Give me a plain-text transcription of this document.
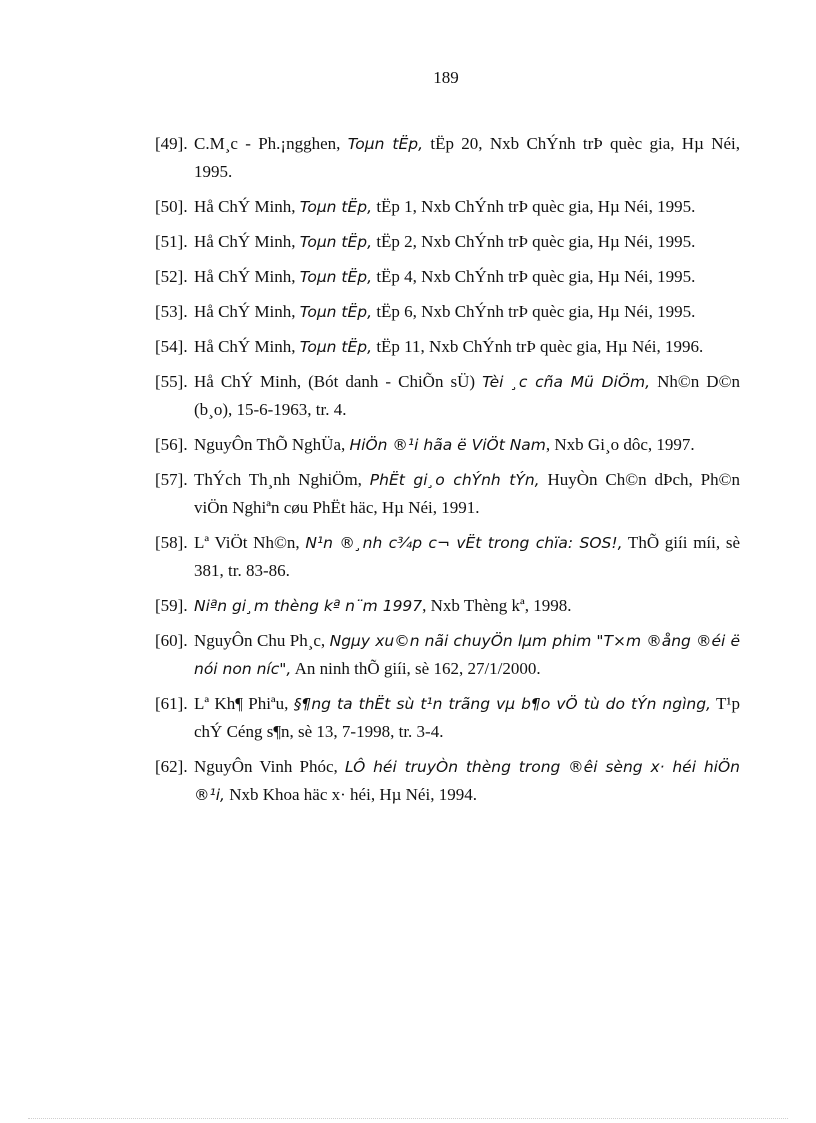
189
[49]. C.M¸c - Ph.¡ngghen, Toµn tËp, tËp 20, Nxb ChÝnh trÞ quèc gia, Hµ Néi, 1995.
[50]. Hå ChÝ Minh, Toµn tËp, tËp 1, Nxb ChÝnh trÞ quèc gia, Hµ Néi, 1995.
[51]. Hå ChÝ Minh, Toµn tËp, tËp 2, Nxb ChÝnh trÞ quèc gia, Hµ Néi, 1995.
[52]. Hå ChÝ Minh, Toµn tËp, tËp 4, Nxb ChÝnh trÞ quèc gia, Hµ Néi, 1995.
[53]. Hå ChÝ Minh, Toµn tËp, tËp 6, Nxb ChÝnh trÞ quèc gia, Hµ Néi, 1995.
[54]. Hå ChÝ Minh, Toµn tËp, tËp 11, Nxb ChÝnh trÞ quèc gia, Hµ Néi, 1996.
[55]. Hå ChÝ Minh, (Bót danh - ChiÕn sÜ) Tèi ¸c cña Mü DiÖm, Nh©n D©n (b¸o), 15-6-1963, tr. 4.
[56]. NguyÔn ThÕ NghÜa, HiÖn ®¹i hãa ë ViÖt Nam, Nxb Gi¸o dôc, 1997.
[57]. ThÝch Th¸nh NghiÖm, PhËt gi¸o chÝnh tÝn, HuyÒn Ch©n dÞch, Ph©n viÖn Nghiªn cøu PhËt häc, Hµ Néi, 1991.
[58]. Lª ViÖt Nh©n, N¹n ®¸nh c¾p c¬ vËt trong chïa: SOS!, ThÕ giíi míi, sè 381, tr. 83-86.
[59]. Niªn gi¸m thèng kª n¨m 1997, Nxb Thèng kª, 1998.
[60]. NguyÔn Chu Ph¸c, Ngµy xu©n nãi chuyÖn lµm phim "T×m ®ång ®éi ë nói non níc", An ninh thÕ giíi, sè 162, 27/1/2000.
[61]. Lª Kh¶ Phiªu, §¶ng ta thËt sù t¹n trãng vµ b¶o vÖ tù do tÝn ngìng, T¹p chÝ Céng s¶n, sè 13, 7-1998, tr. 3-4.
[62]. NguyÔn Vinh Phóc, LÔ héi truyÒn thèng trong ®êi sèng x· héi hiÖn ®¹i, Nxb Khoa häc x· héi, Hµ Néi, 1994.
